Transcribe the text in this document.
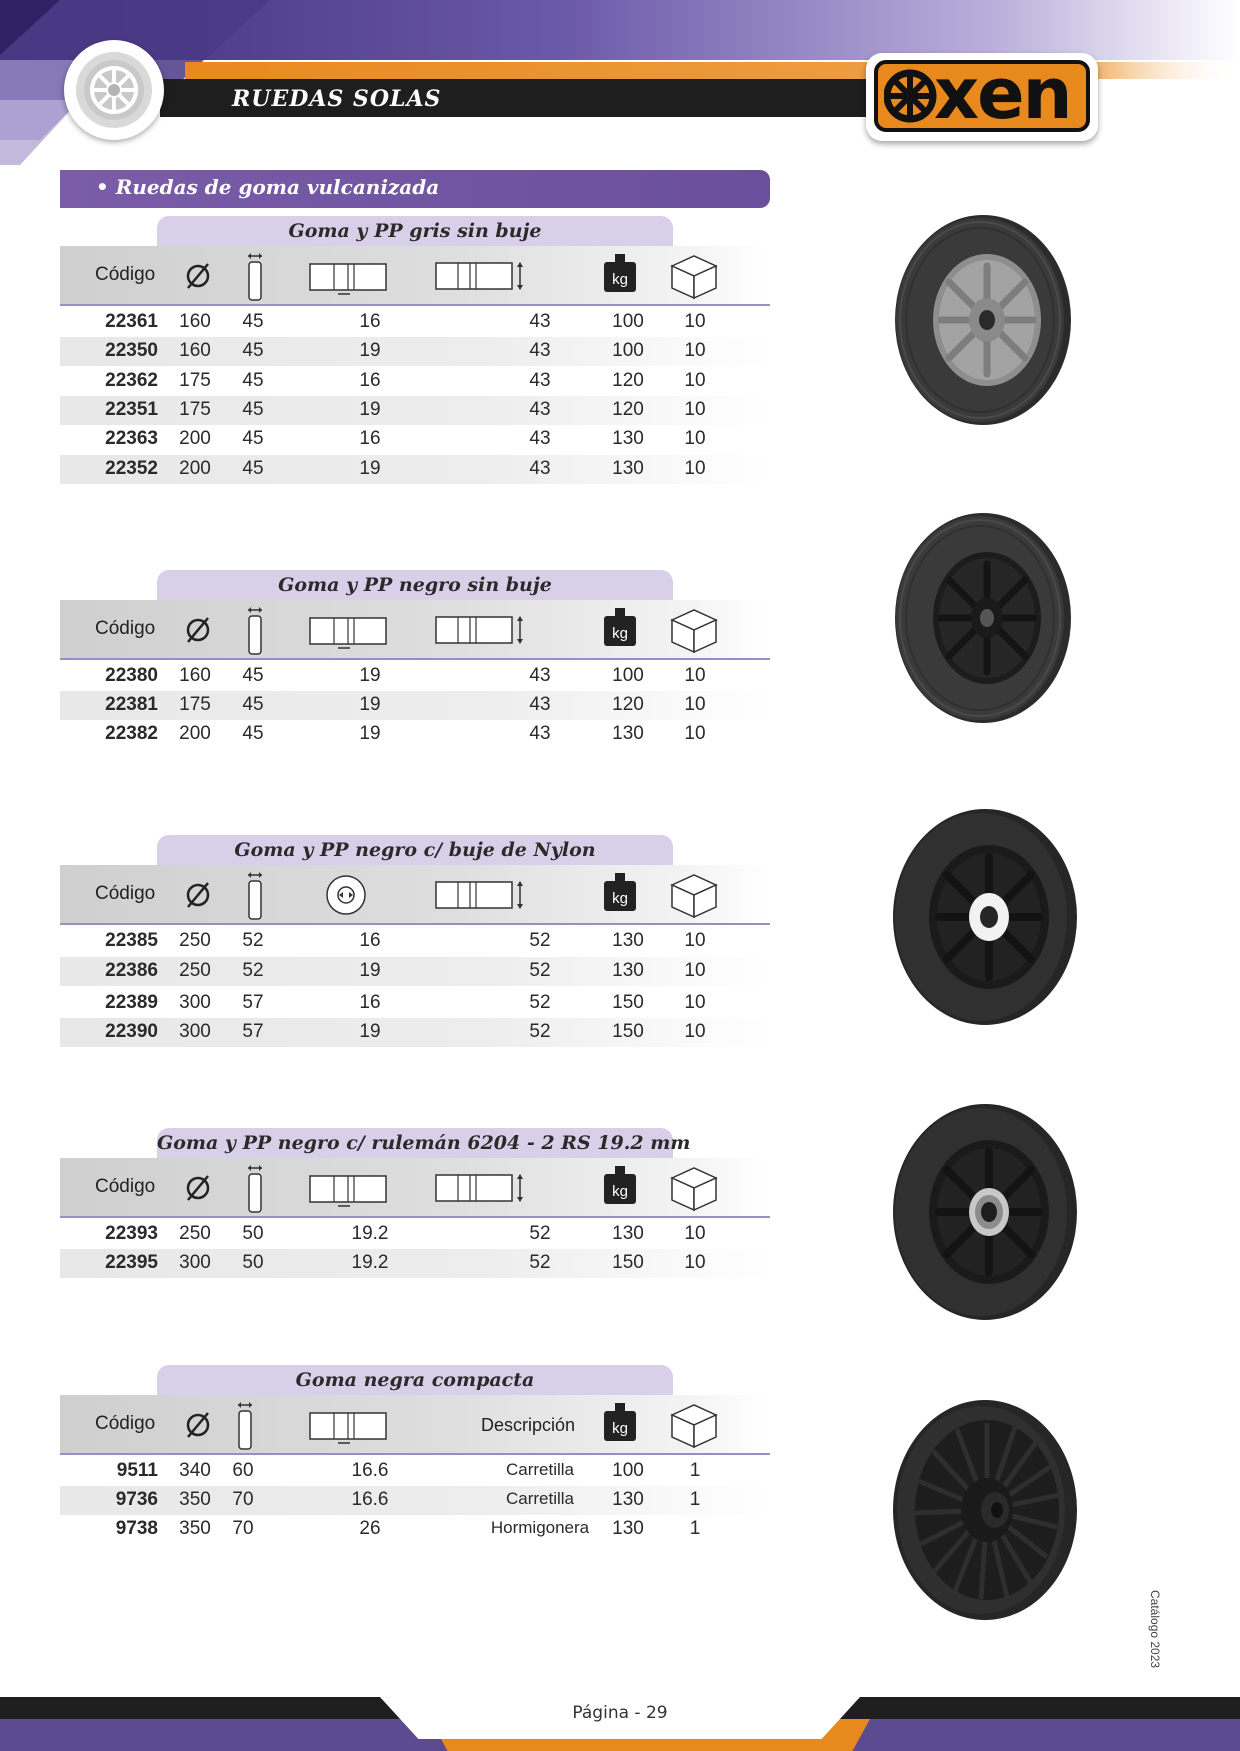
RUEDAS SOLAS	xen
• Ruedas de goma vulcanizada
Goma y PP gris sin buje
Código	kg
22361	160	45	16	43	100	10
22350	160	45	19	43	100	10
22362	175	45	16	43	120	10
22351	175	45	19	43	120	10
22363	200	45	16	43	130	10
22352	200	45	19	43	130	10
Goma y PP negro sin buje
Código	kg
22380	160	45	19	43	100	10
22381	175	45	19	43	120	10
22382	200	45	19	43	130	10
Goma y PP negro c/ buje de Nylon
Código	kg
22385	250	52	16	52	130	10
22386	250	52	19	52	130	10
22389	300	57	16	52	150	10
22390	300	57	19	52	150	10
Goma y PP negro c/ rulemán 6204 - 2 RS 19.2 mm
Código	kg
22393	250	50	19.2	52	130	10
22395	300	50	19.2	52	150	10
Goma negra compacta
Código	Descripción	kg
9511	340	60	16.6	Carretilla	100	1
9736	350	70	16.6	Carretilla	130	1
9738	350	70	26	Hormigonera	130	1
Página - 29
Catálogo 2023
